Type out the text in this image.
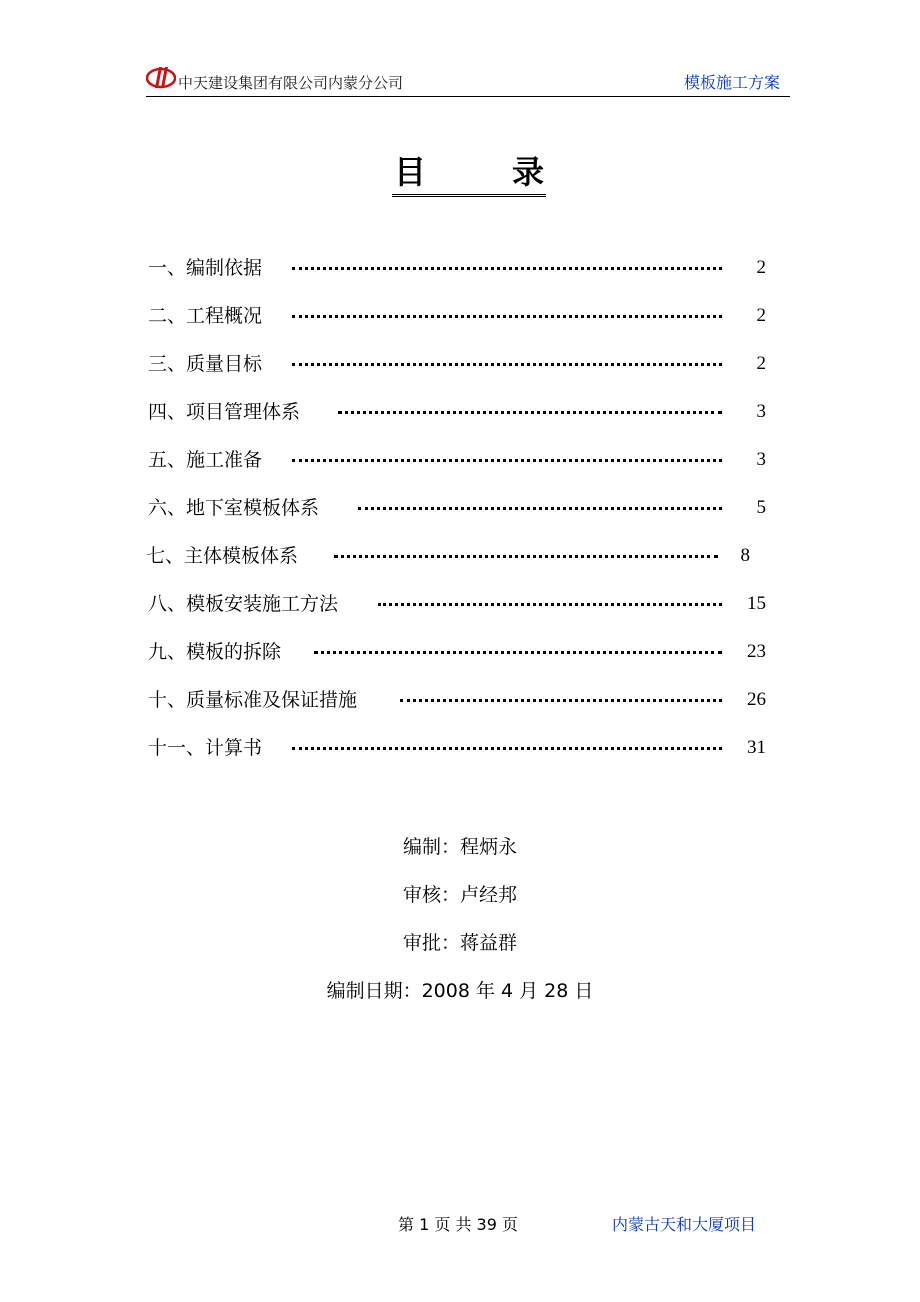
中天建设集团有限公司内蒙分公司	模板施工方案
目	录
一、编制依据	2
二、工程概况	2
三、质量目标	2
四、项目管理体系	3
五、施工准备	3
六、地下室模板体系	5
七、主体模板体系	8
八、模板安装施工方法	15
九、模板的拆除	23
十、质量标准及保证措施	26
十一、计算书	31
编制：程炳永
审核：卢经邦
审批：蒋益群
编制日期：2008 年 4 月 28 日
第 1 页 共 39 页	内蒙古天和大厦项目
